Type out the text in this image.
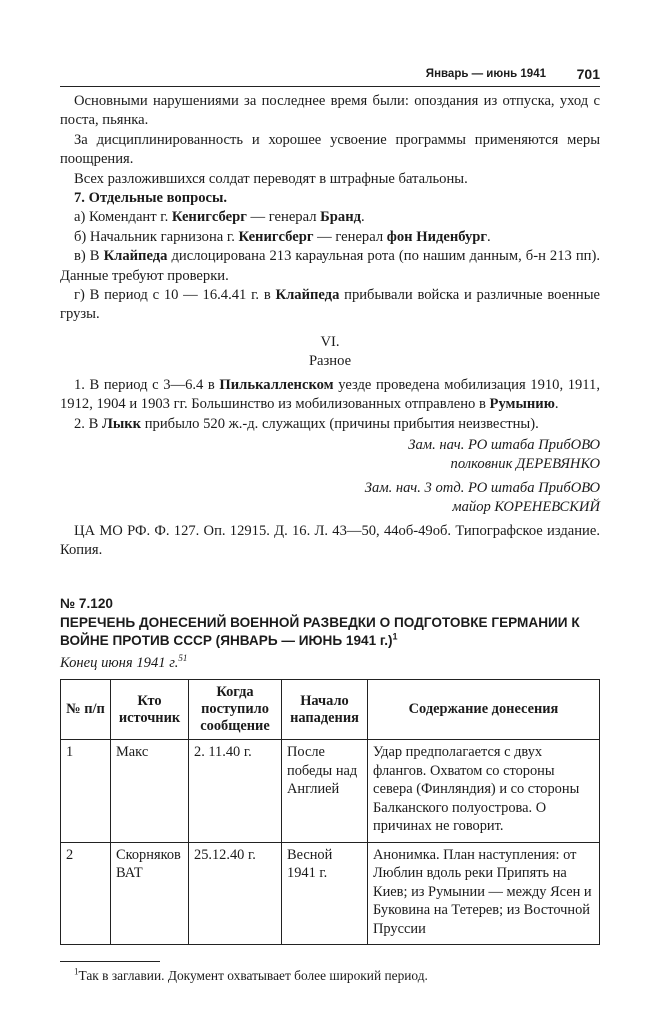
Январь — июнь 1941 701

Основными нарушениями за последнее время были: опоздания из отпуска, уход с поста, пьянка.

За дисциплинированность и хорошее усвоение программы применяются меры поощрения.

Всех разложившихся солдат переводят в штрафные батальоны.

7. Отдельные вопросы.

а) Комендант г. Кенигсберг — генерал Бранд.

б) Начальник гарнизона г. Кенигсберг — генерал фон Ниденбург.

в) В Клайпеда дислоцирована 213 караульная рота (по нашим данным, б-н 213 пп). Данные требуют проверки.

г) В период с 10 — 16.4.41 г. в Клайпеда прибывали войска и различные военные грузы.

VI.

Разное

1. В период с 3—6.4 в Пилькалленском уезде проведена мобилизация 1910, 1911, 1912, 1904 и 1903 гг. Большинство из мобилизованных отправлено в Румынию.

2. В Лыкк прибыло 520 ж.-д. служащих (причины прибытия неизвестны).

Зам. нач. РО штаба ПрибОВО

полковник ДЕРЕВЯНКО

Зам. нач. 3 отд. РО штаба ПрибОВО

майор КОРЕНЕВСКИЙ

ЦА МО РФ. Ф. 127. Оп. 12915. Д. 16. Л. 43—50, 44об-49об. Типографское издание. Копия.

№ 7.120

ПЕРЕЧЕНЬ ДОНЕСЕНИЙ ВОЕННОЙ РАЗВЕДКИ О ПОДГОТОВКЕ ГЕРМАНИИ К ВОЙНЕ ПРОТИВ СССР (ЯНВАРЬ — ИЮНЬ 1941 г.)$^1$

Конец июня 1941 г.$^{51}$

№ п/п	Кто источник	Когда поступило сообщение	Начало нападения	Содержание донесения
1	Макс	2. 11.40 г.	После победы над Англией	Удар предполагается с двух флангов. Охватом со стороны севера (Финляндия) и со стороны Балканского полуострова. О причинах не говорит.
2	Скорняков ВАТ	25.12.40 г.	Весной 1941 г.	Анонимка. План наступления: от Люблин вдоль реки Припять на Киев; из Румынии — между Ясен и Буковина на Тетерев; из Восточной Пруссии

$^1$Так в заглавии. Документ охватывает более широкий период.
